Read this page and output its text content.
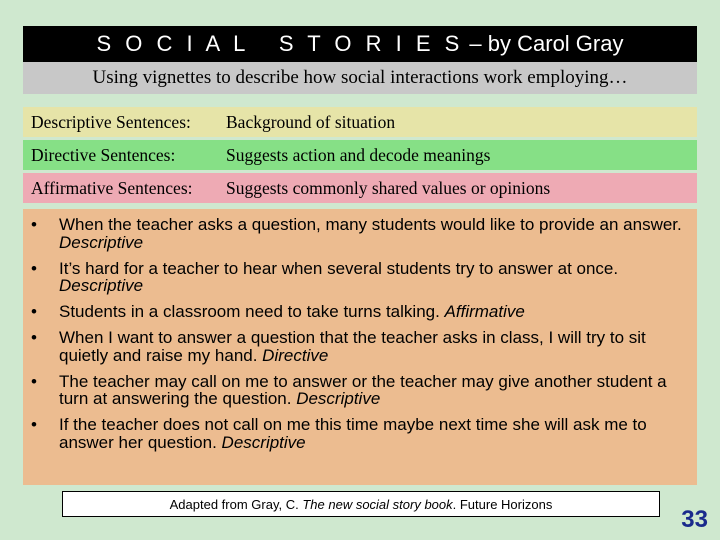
S O C I A L   S T O R I E S – by Carol Gray
Using vignettes to describe how social interactions work employing…
Descriptive Sentences:	Background of situation
Directive Sentences:	Suggests action and decode meanings
Affirmative Sentences:	Suggests commonly shared values or opinions
•	When the teacher asks a question, many students would like to provide an answer. Descriptive
•	It’s hard for a teacher to hear when several students try to answer at once. Descriptive
•	Students in a classroom need to take turns talking. Affirmative
•	When I want to answer a question that the teacher asks in class, I will try to sit quietly and raise my hand. Directive
•	The teacher may call on me to answer or the teacher may give another student a turn at answering the question. Descriptive
•	If the teacher does not call on me this time maybe next time she will ask me to answer her question. Descriptive
Adapted from Gray, C. The new social story book . Future Horizons
33
